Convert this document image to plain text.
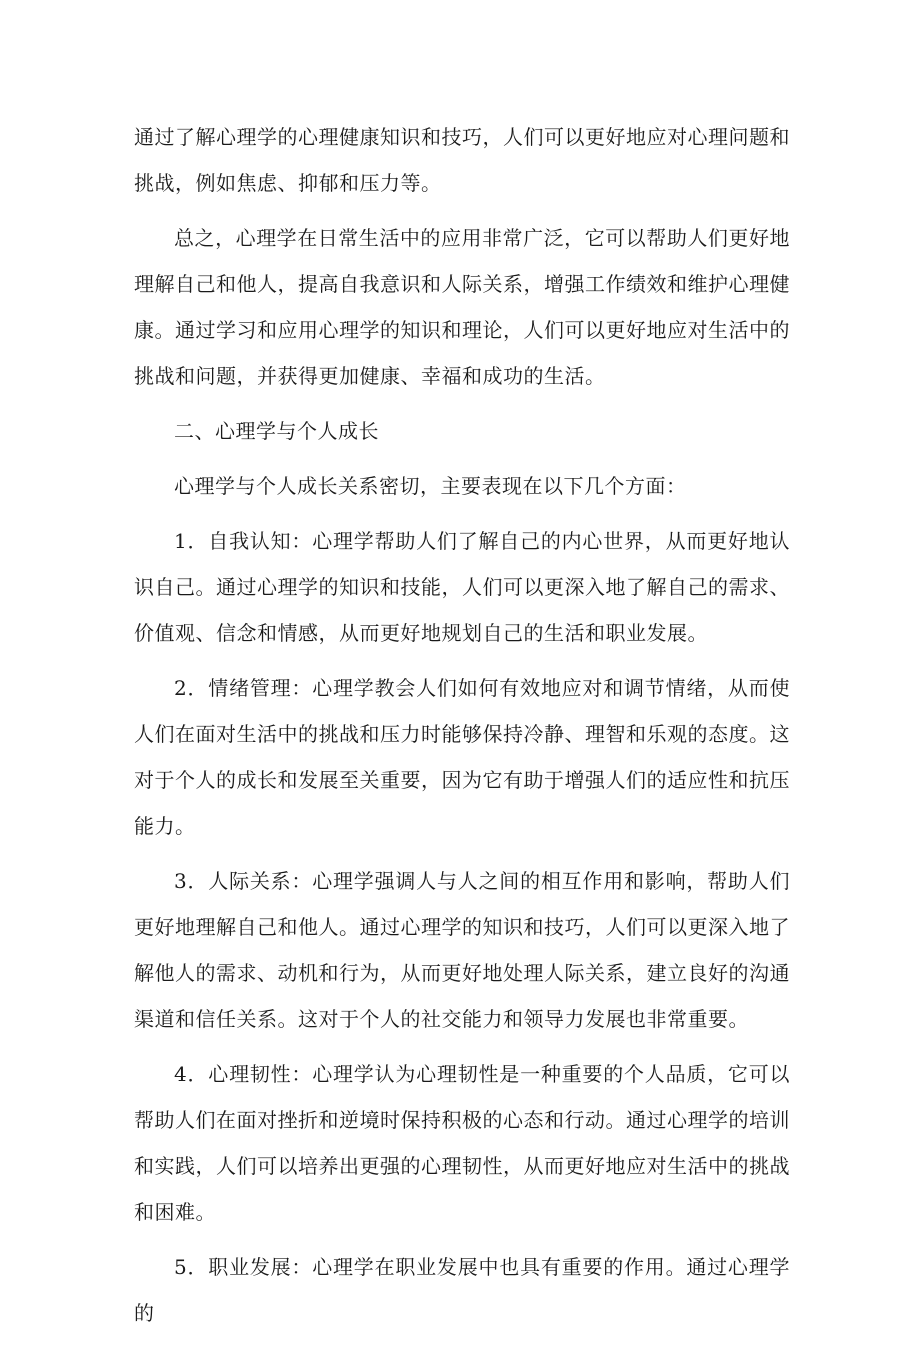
通过了解心理学的心理健康知识和技巧，人们可以更好地应对心理问题和挑战，例如焦虑、抑郁和压力等。

总之，心理学在日常生活中的应用非常广泛，它可以帮助人们更好地理解自己和他人，提高自我意识和人际关系，增强工作绩效和维护心理健康。通过学习和应用心理学的知识和理论，人们可以更好地应对生活中的挑战和问题，并获得更加健康、幸福和成功的生活。

二、心理学与个人成长

心理学与个人成长关系密切，主要表现在以下几个方面：

1．自我认知：心理学帮助人们了解自己的内心世界，从而更好地认识自己。通过心理学的知识和技能，人们可以更深入地了解自己的需求、价值观、信念和情感，从而更好地规划自己的生活和职业发展。

2．情绪管理：心理学教会人们如何有效地应对和调节情绪，从而使人们在面对生活中的挑战和压力时能够保持冷静、理智和乐观的态度。这对于个人的成长和发展至关重要，因为它有助于增强人们的适应性和抗压能力。

3．人际关系：心理学强调人与人之间的相互作用和影响，帮助人们更好地理解自己和他人。通过心理学的知识和技巧，人们可以更深入地了解他人的需求、动机和行为，从而更好地处理人际关系，建立良好的沟通渠道和信任关系。这对于个人的社交能力和领导力发展也非常重要。

4．心理韧性：心理学认为心理韧性是一种重要的个人品质，它可以帮助人们在面对挫折和逆境时保持积极的心态和行动。通过心理学的培训和实践，人们可以培养出更强的心理韧性，从而更好地应对生活中的挑战和困难。

5．职业发展：心理学在职业发展中也具有重要的作用。通过心理学的
